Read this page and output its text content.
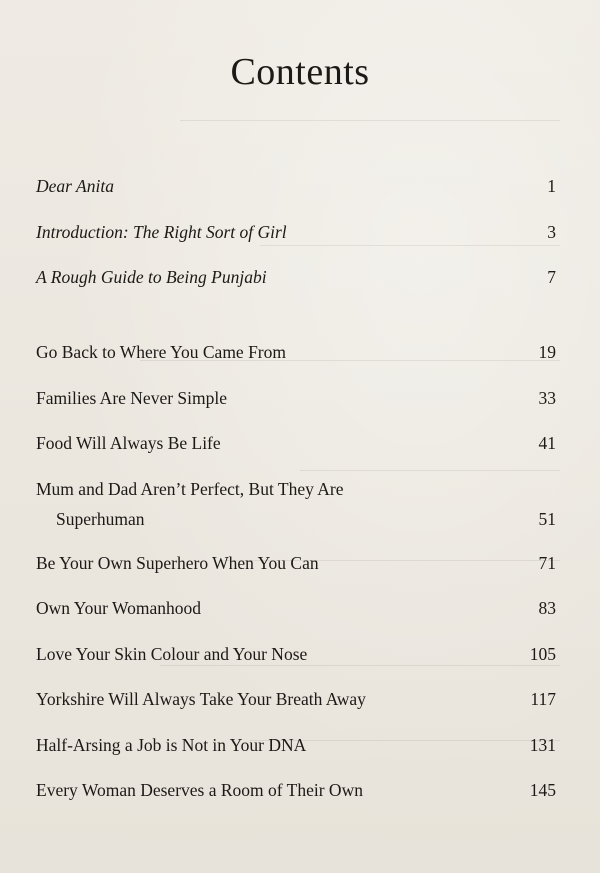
Contents
Dear Anita	1
Introduction: The Right Sort of Girl	3
A Rough Guide to Being Punjabi	7
Go Back to Where You Came From	19
Families Are Never Simple	33
Food Will Always Be Life	41
Mum and Dad Aren’t Perfect, But They Are
Superhuman	51
Be Your Own Superhero When You Can	71
Own Your Womanhood	83
Love Your Skin Colour and Your Nose	105
Yorkshire Will Always Take Your Breath Away	117
Half-Arsing a Job is Not in Your DNA	131
Every Woman Deserves a Room of Their Own	145
